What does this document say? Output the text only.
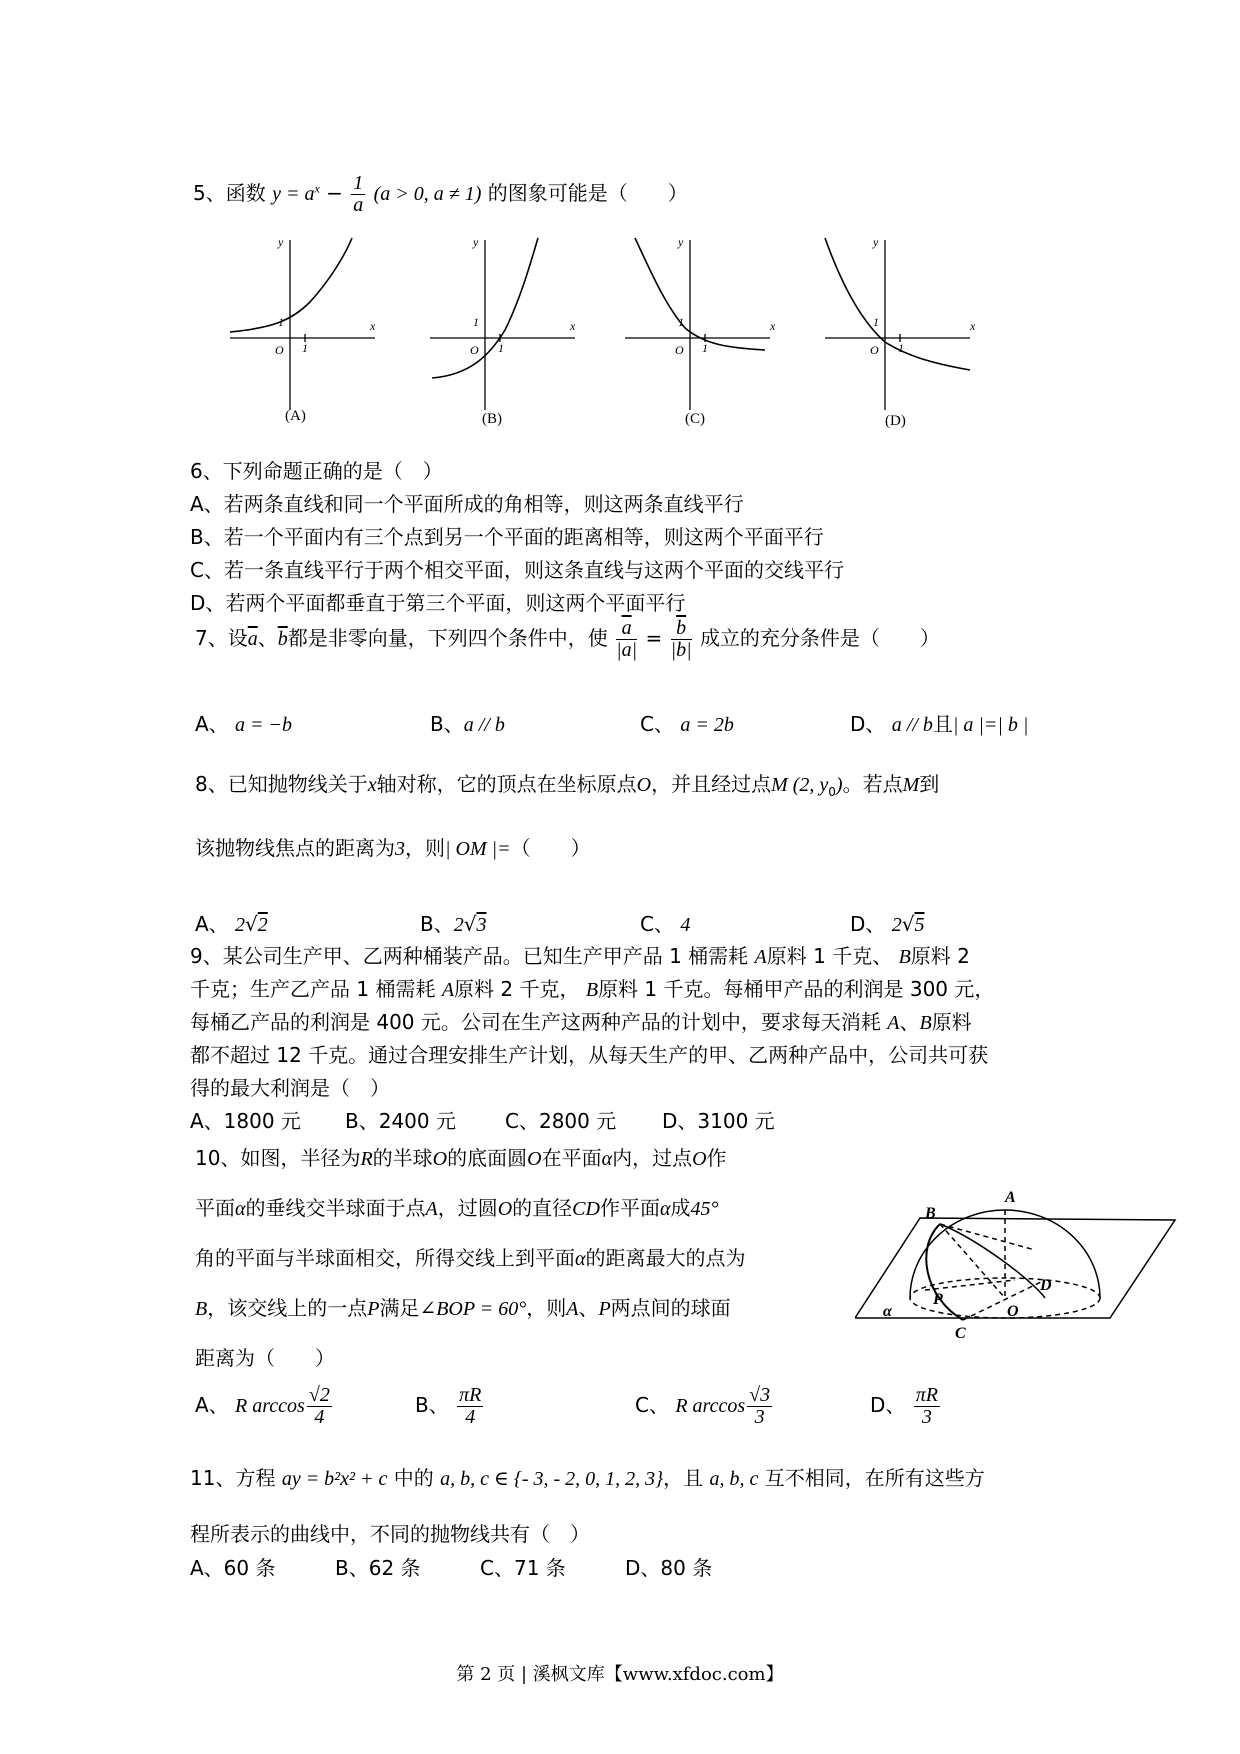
5、函数 $y = a^x - \frac{1}{a} (a > 0$, a ≠ 1) 的图象可能是（　　）
x
y
O
1
1
x
y
O
1
1
x
y
O
1
1
x
y
O
1
1
(A)	(B)	(C)	(D)
6、下列命题正确的是（　）
A、若两条直线和同一个平面所成的角相等，则这两条直线平行
B、若一个平面内有三个点到另一个平面的距离相等，则这两个平面平行
C、若一条直线平行于两个相交平面，则这条直线与这两个平面的交线平行
D、若两个平面都垂直于第三个平面，则这两个平面平行
7、设$\overline{a}$、$\overline{b}$都是非零向量，下列四个条件中，使 $\frac{\overline{a}}{|a|} = \frac{\overline{b}}{|b|}$ 成立的充分条件是（　　）
A、 a = −b	B、a // b	C、 a = 2b	D、 a // b且| a |=| b |
8、已知抛物线关于x轴对称，它的顶点在坐标原点O，并且经过点M (2, $y_0$)。若点M到
该抛物线焦点的距离为3，则| OM |=（　　）
A、 2√2	B、2√3	C、 4	D、 2√5
9、某公司生产甲、乙两种桶装产品。已知生产甲产品 1 桶需耗 A原料 1 千克、 B原料 2
千克；生产乙产品 1 桶需耗 A原料 2 千克， B原料 1 千克。每桶甲产品的利润是 300 元，
每桶乙产品的利润是 400 元。公司在生产这两种产品的计划中，要求每天消耗 A、B原料
都不超过 12 千克。通过合理安排生产计划，从每天生产的甲、乙两种产品中，公司共可获
得的最大利润是（　）
A、1800 元 B、2400 元 C、2800 元 D、3100 元
10、如图，半径为R的半球O的底面圆O在平面α内，过点O作
平面α的垂线交半球面于点A，过圆O的直径CD作平面α成45°
角的平面与半球面相交，所得交线上到平面α的距离最大的点为
B，该交线上的一点P满足∠BOP = 60°，则A、P两点间的球面
距离为（　　）
A
B
C
D
O
P
α
A、 R $\arccos \frac{√2}{4}$	B、 $\frac{\pi R}{4}$	C、 R $\arccos \frac{√3}{3}$	D、 $\frac{\pi R}{3}$
11、方程 ay = b²x² + c 中的 a, b, c ∈ {- 3, - 2, 0, 1, 2, 3}，且 a, b, c 互不相同，在所有这些方
程所表示的曲线中，不同的抛物线共有（　）
A、60 条	B、62 条	C、71 条	D、80 条
第 2 页 | 溪枫文库【www.xfdoc.com】
